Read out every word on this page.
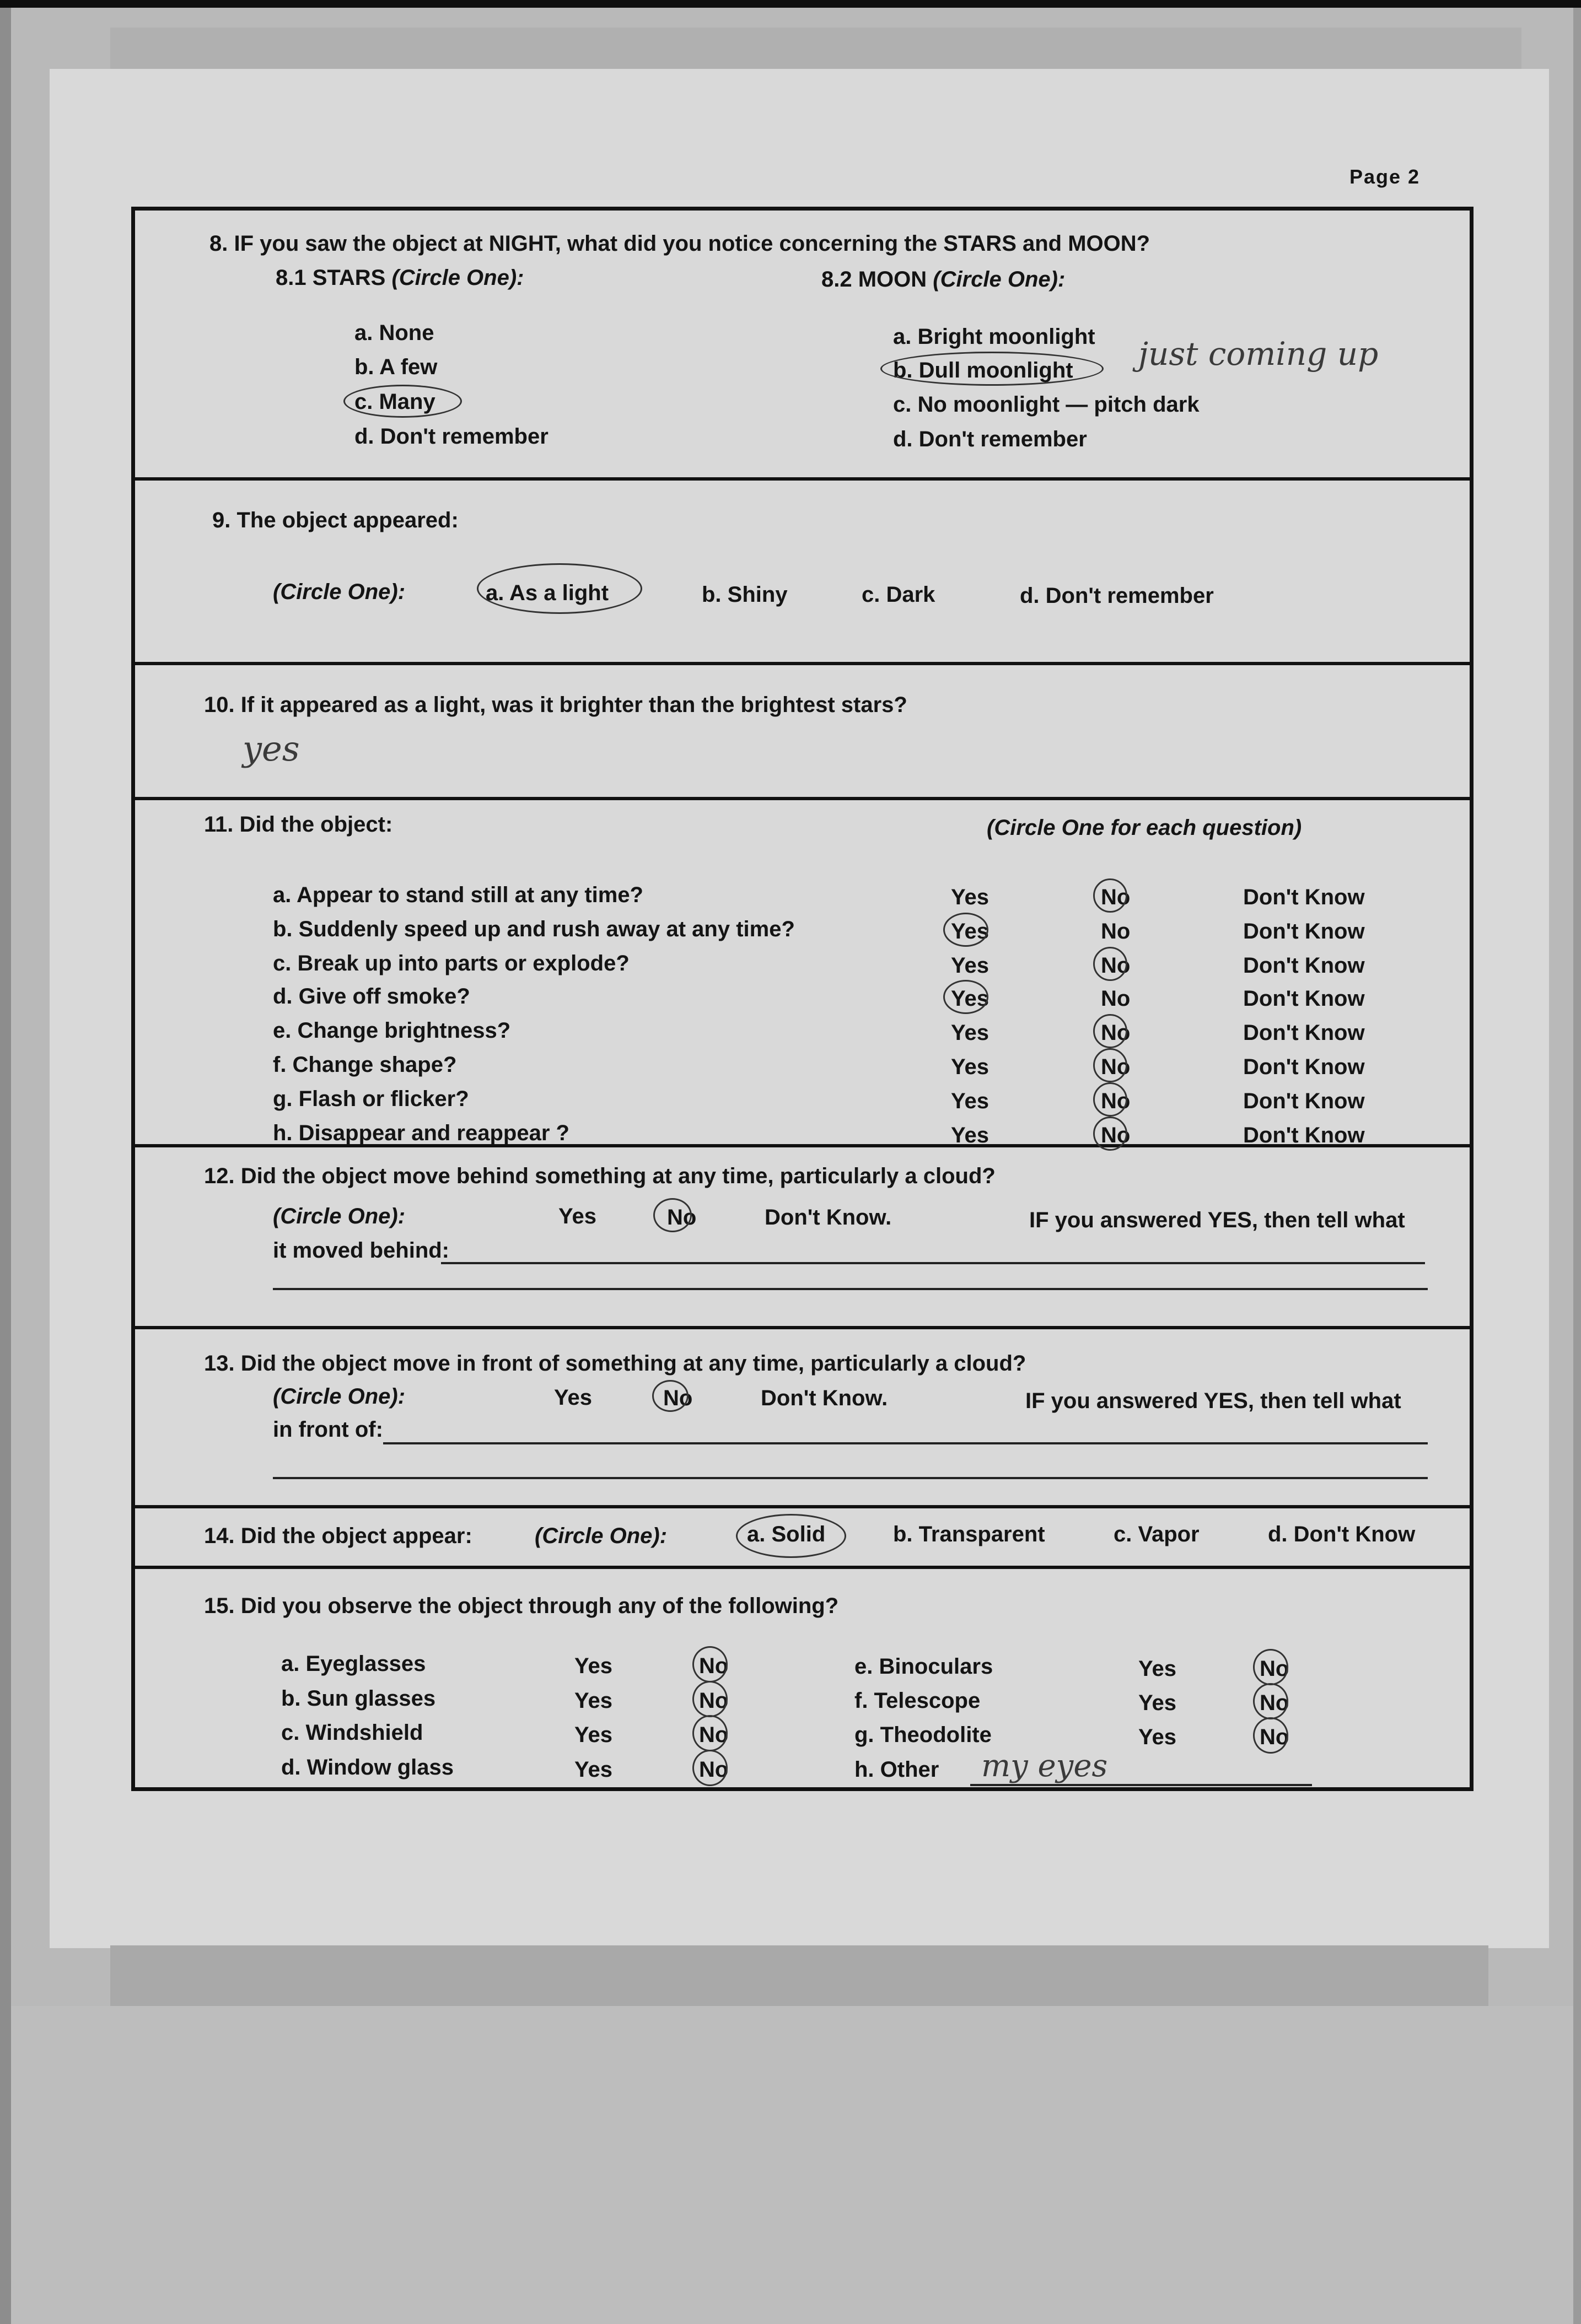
Page 2
8. IF you saw the object at NIGHT, what did you notice concerning the STARS and MOON?
8.1 STARS (Circle One):
a. None
b. A few
c. Many
d. Don't remember
8.2 MOON (Circle One):
a. Bright moonlight
b. Dull moonlight just coming up
c. No moonlight — pitch dark
d. Don't remember
9. The object appeared:
(Circle One):	a. As a light	b. Shiny	c. Dark	d. Don't remember
10. If it appeared as a light, was it brighter than the brightest stars?
yes
11. Did the object:	(Circle One for each question)
a. Appear to stand still at any time?	Yes	No	Don't Know
b. Suddenly speed up and rush away at any time?	Yes	No	Don't Know
c. Break up into parts or explode?	Yes	No	Don't Know
d. Give off smoke?	Yes	No	Don't Know
e. Change brightness?	Yes	No	Don't Know
f. Change shape?	Yes	No	Don't Know
g. Flash or flicker?	Yes	No	Don't Know
h. Disappear and reappear ?	Yes	No	Don't Know
12. Did the object move behind something at any time, particularly a cloud?
(Circle One):	Yes	No	Don't Know.	IF you answered YES, then tell what
it moved behind:
13. Did the object move in front of something at any time, particularly a cloud?
(Circle One):	Yes	No	Don't Know.	IF you answered YES, then tell what
in front of:
14. Did the object appear:	(Circle One):	a. Solid	b. Transparent	c. Vapor	d. Don't Know
15. Did you observe the object through any of the following?
a. Eyeglasses	Yes	No
b. Sun glasses	Yes	No
c. Windshield	Yes	No
d. Window glass	Yes	No
e. Binoculars	Yes	No
f. Telescope	Yes	No
g. Theodolite	Yes	No
h. Other my eyes
